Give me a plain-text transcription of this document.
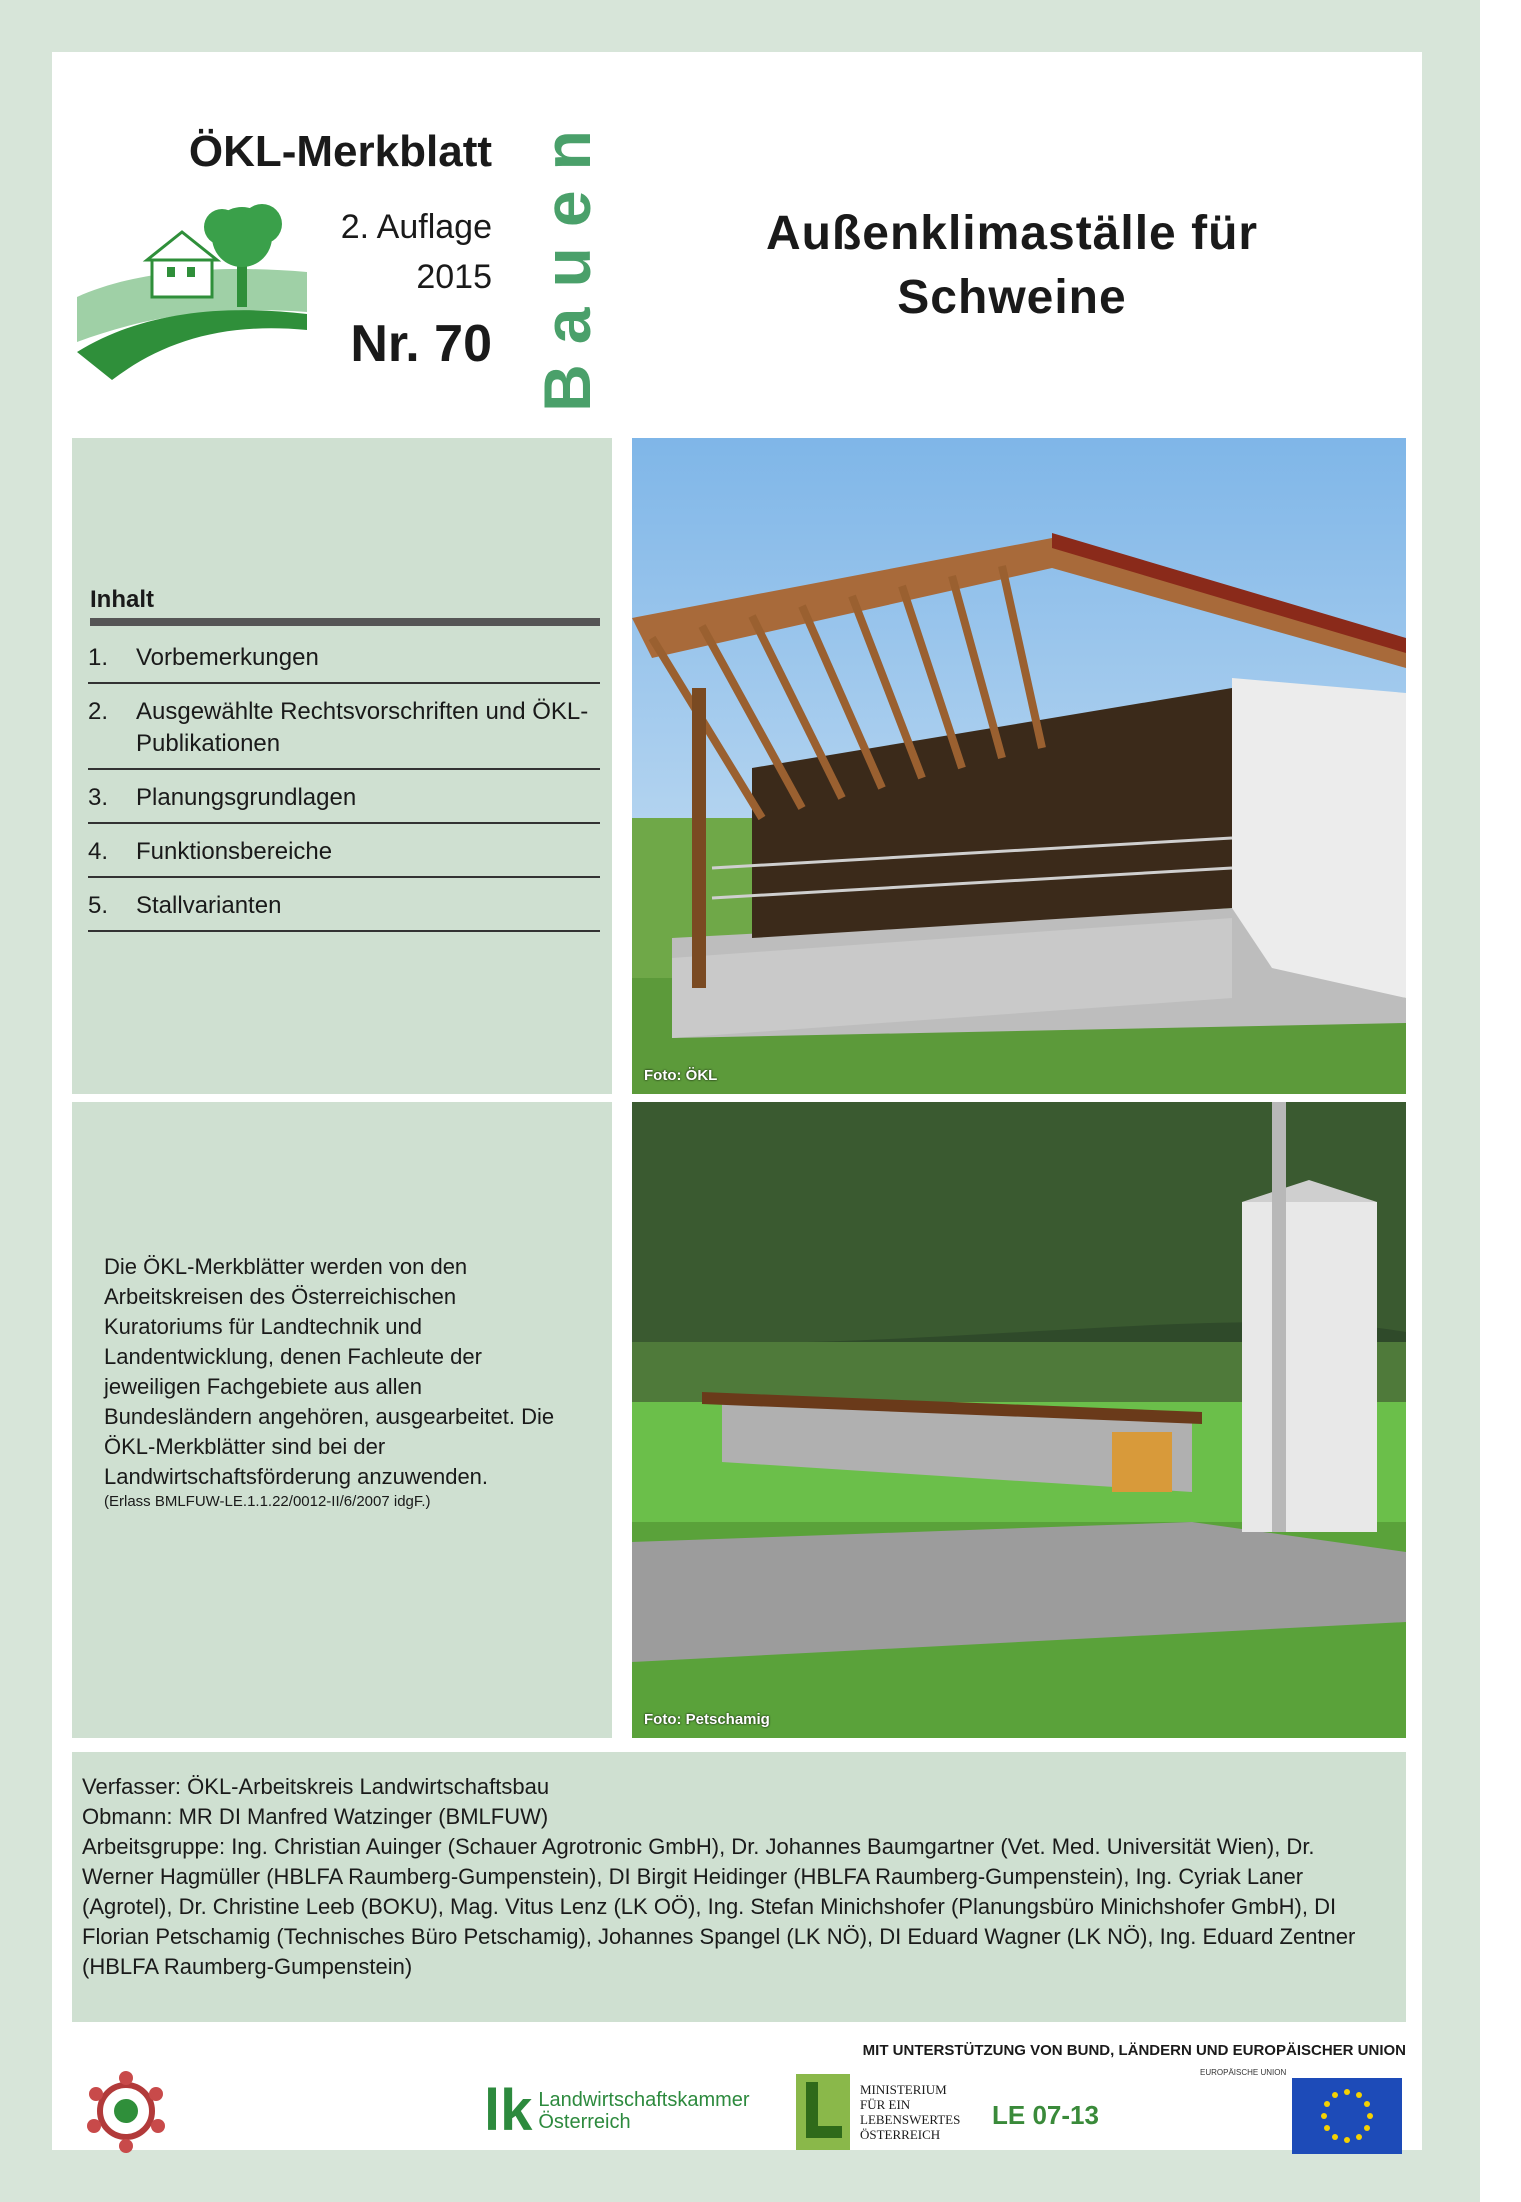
ÖKL-Merkblatt
2. Auflage
2015
Nr. 70 Bauen	Außenklimaställe für
Schweine
Inhalt
1.	Vorbemerkungen
2.	Ausgewählte Rechtsvorschriften und ÖKL-Publikationen
3.	Planungsgrundlagen
4.	Funktionsbereiche
5.	Stallvarianten
Foto: ÖKL
Die ÖKL-Merkblätter werden von den Arbeitskreisen des Österreichischen Kuratoriums für Landtechnik und Landentwicklung, denen Fachleute der jeweiligen Fachgebiete aus allen Bundesländern angehören, ausgearbeitet. Die ÖKL-Merkblätter sind bei der Landwirtschaftsförderung anzuwenden.
(Erlass BMLFUW-LE.1.1.22/0012-II/6/2007 idgF.)
Foto: Petschamig

Verfasser: ÖKL-Arbeitskreis Landwirtschaftsbau

Obmann: MR DI Manfred Watzinger (BMLFUW)

Arbeitsgruppe: Ing. Christian Auinger (Schauer Agrotronic GmbH), Dr. Johannes Baumgartner (Vet. Med. Universität Wien), Dr. Werner Hagmüller (HBLFA Raumberg-Gumpenstein), DI Birgit Heidinger (HBLFA Raumberg-Gumpenstein), Ing. Cyriak Laner (Agrotel), Dr. Christine Leeb (BOKU), Mag. Vitus Lenz (LK OÖ), Ing. Stefan Minichshofer (Planungsbüro Minichshofer GmbH), DI Florian Petschamig (Technisches Büro Petschamig), Johannes Spangel (LK NÖ), DI Eduard Wagner (LK NÖ), Ing. Eduard Zentner (HBLFA Raumberg-Gumpenstein)

MIT UNTERSTÜTZUNG VON BUND, LÄNDERN UND EUROPÄISCHER UNION
lk Landwirtschaftskammer
Österreich
MINISTERIUM
FÜR EIN
LEBENSWERTES
ÖSTERREICH
LE 07-13
EUROPÄISCHE UNION
